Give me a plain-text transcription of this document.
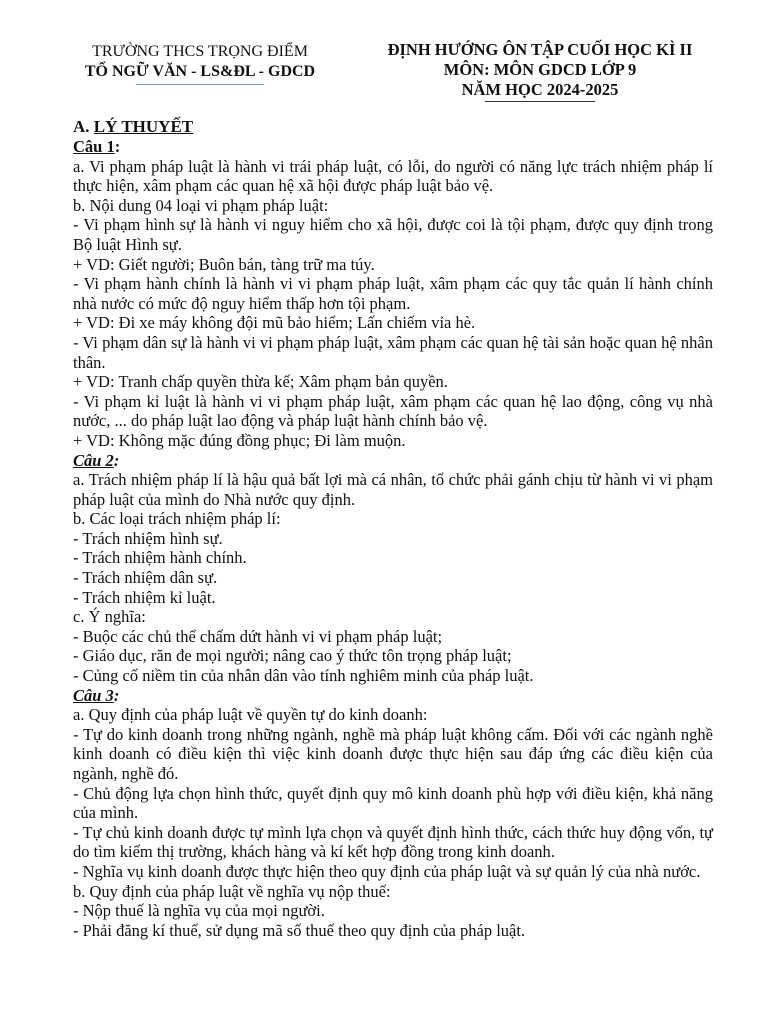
TRƯỜNG THCS TRỌNG ĐIỂM
TỔ NGỮ VĂN - LS&ĐL - GDCD
ĐỊNH HƯỚNG ÔN TẬP CUỐI HỌC KÌ II
MÔN: MÔN GDCD LỚP 9
NĂM HỌC 2024-2025

A. LÝ THUYẾT

Câu 1:

a. Vi phạm pháp luật là hành vi trái pháp luật, có lỗi, do người có năng lực trách nhiệm pháp lí thực hiện, xâm phạm các quan hệ xã hội được pháp luật bảo vệ.

b. Nội dung 04 loại vi phạm pháp luật:

- Vi phạm hình sự là hành vi nguy hiểm cho xã hội, được coi là tội phạm, được quy định trong Bộ luật Hình sự.

+ VD: Giết người; Buôn bán, tàng trữ ma túy.

- Vi phạm hành chính là hành vi vi phạm pháp luật, xâm phạm các quy tắc quản lí hành chính nhà nước có mức độ nguy hiểm thấp hơn tội phạm.

+ VD: Đi xe máy không đội mũ bảo hiểm; Lấn chiếm vỉa hè.

- Vi phạm dân sự là hành vi vi phạm pháp luật, xâm phạm các quan hệ tài sản hoặc quan hệ nhân thân.

+ VD: Tranh chấp quyền thừa kế; Xâm phạm bản quyền.

- Vi phạm kỉ luật là hành vi vi phạm pháp luật, xâm phạm các quan hệ lao động, công vụ nhà nước, ... do pháp luật lao động và pháp luật hành chính bảo vệ.

+ VD: Không mặc đúng đồng phục; Đi làm muộn.

Câu 2:

a. Trách nhiệm pháp lí là hậu quả bất lợi mà cá nhân, tổ chức phải gánh chịu từ hành vi vi phạm pháp luật của mình do Nhà nước quy định.

b. Các loại trách nhiệm pháp lí:

- Trách nhiệm hình sự.

- Trách nhiệm hành chính.

- Trách nhiệm dân sự.

- Trách nhiệm kỉ luật.

c. Ý nghĩa:

- Buộc các chủ thể chấm dứt hành vi vi phạm pháp luật;

- Giáo dục, răn đe mọi người; nâng cao ý thức tôn trọng pháp luật;

- Củng cố niềm tin của nhân dân vào tính nghiêm minh của pháp luật.

Câu 3:

a. Quy định của pháp luật về quyền tự do kinh doanh:

- Tự do kinh doanh trong những ngành, nghề mà pháp luật không cấm. Đối với các ngành nghề kinh doanh có điều kiện thì việc kinh doanh được thực hiện sau đáp ứng các điều kiện của ngành, nghề đó.

- Chủ động lựa chọn hình thức, quyết định quy mô kinh doanh phù hợp với điều kiện, khả năng của mình.

- Tự chủ kinh doanh được tự mình lựa chọn và quyết định hình thức, cách thức huy động vốn, tự do tìm kiếm thị trường, khách hàng và kí kết hợp đồng trong kinh doanh.

- Nghĩa vụ kinh doanh được thực hiện theo quy định của pháp luật và sự quản lý của nhà nước.

b. Quy định của pháp luật về nghĩa vụ nộp thuế:

- Nộp thuế là nghĩa vụ của mọi người.

- Phải đăng kí thuế, sử dụng mã số thuế theo quy định của pháp luật.
